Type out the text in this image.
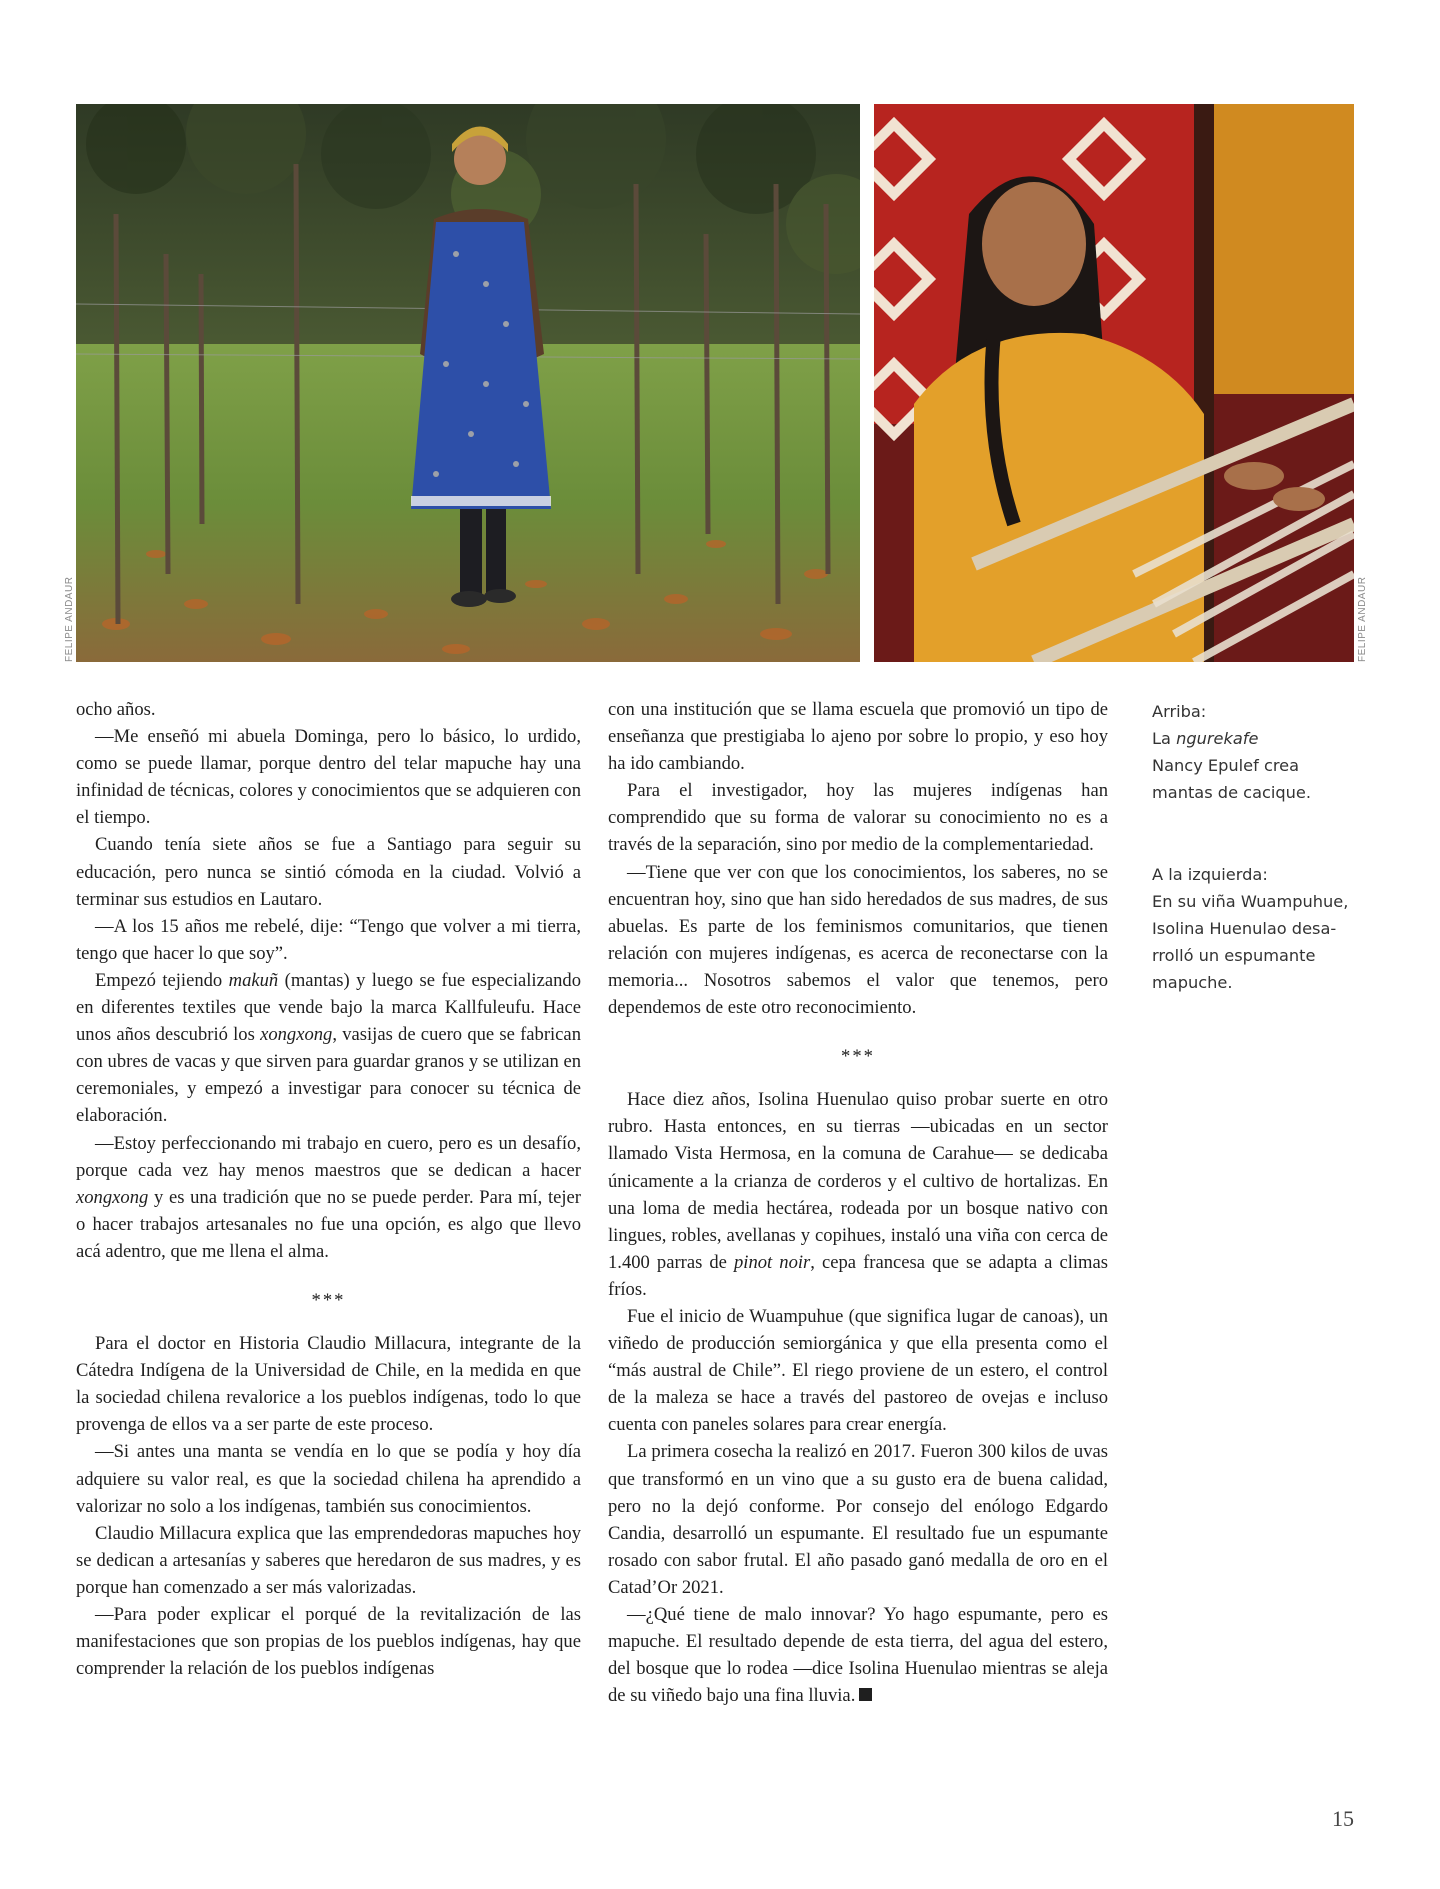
FELIPE ANDAUR	FELIPE ANDAUR

ocho años.

—Me enseñó mi abuela Dominga, pero lo básico, lo urdido, como se puede llamar, porque dentro del telar mapuche hay una infinidad de técnicas, colores y conocimientos que se adquieren con el tiempo.

Cuando tenía siete años se fue a Santiago para seguir su educación, pero nunca se sintió cómoda en la ciudad. Volvió a terminar sus estudios en Lautaro.

—A los 15 años me rebelé, dije: “Tengo que volver a mi tierra, tengo que hacer lo que soy”.

Empezó tejiendo makuñ (mantas) y luego se fue especializando en diferentes textiles que vende bajo la marca Kallfuleufu. Hace unos años descubrió los xongxong, vasijas de cuero que se fabrican con ubres de vacas y que sirven para guardar granos y se utilizan en ceremoniales, y empezó a investigar para conocer su técnica de elaboración.

—Estoy perfeccionando mi trabajo en cuero, pero es un desafío, porque cada vez hay menos maestros que se dedican a hacer xongxong y es una tradición que no se puede perder. Para mí, tejer o hacer trabajos artesanales no fue una opción, es algo que llevo acá adentro, que me llena el alma.

***

Para el doctor en Historia Claudio Millacura, integrante de la Cátedra Indígena de la Universidad de Chile, en la medida en que la sociedad chilena revalorice a los pueblos indígenas, todo lo que provenga de ellos va a ser parte de este proceso.

—Si antes una manta se vendía en lo que se podía y hoy día adquiere su valor real, es que la sociedad chilena ha aprendido a valorizar no solo a los indígenas, también sus conocimientos.

Claudio Millacura explica que las emprendedoras mapuches hoy se dedican a artesanías y saberes que heredaron de sus madres, y es porque han comenzado a ser más valorizadas.

—Para poder explicar el porqué de la revitalización de las manifestaciones que son propias de los pueblos indígenas, hay que comprender la relación de los pueblos indígenas

con una institución que se llama escuela que promovió un tipo de enseñanza que prestigiaba lo ajeno por sobre lo propio, y eso hoy ha ido cambiando.

Para el investigador, hoy las mujeres indígenas han comprendido que su forma de valorar su conocimiento no es a través de la separación, sino por medio de la complementariedad.

—Tiene que ver con que los conocimientos, los saberes, no se encuentran hoy, sino que han sido heredados de sus madres, de sus abuelas. Es parte de los feminismos comunitarios, que tienen relación con mujeres indígenas, es acerca de reconectarse con la memoria... Nosotros sabemos el valor que tenemos, pero dependemos de este otro reconocimiento.

***

Hace diez años, Isolina Huenulao quiso probar suerte en otro rubro. Hasta entonces, en su tierras —ubicadas en un sector llamado Vista Hermosa, en la comuna de Carahue— se dedicaba únicamente a la crianza de corderos y el cultivo de hortalizas. En una loma de media hectárea, rodeada por un bosque nativo con lingues, robles, avellanas y copihues, instaló una viña con cerca de 1.400 parras de pinot noir, cepa francesa que se adapta a climas fríos.

Fue el inicio de Wuampuhue (que significa lugar de canoas), un viñedo de producción semiorgánica y que ella presenta como el “más austral de Chile”. El riego proviene de un estero, el control de la maleza se hace a través del pastoreo de ovejas e incluso cuenta con paneles solares para crear energía.

La primera cosecha la realizó en 2017. Fueron 300 kilos de uvas que transformó en un vino que a su gusto era de buena calidad, pero no la dejó conforme. Por consejo del enólogo Edgardo Candia, desarrolló un espumante. El resultado fue un espumante rosado con sabor frutal. El año pasado ganó medalla de oro en el Catad’Or 2021.

—¿Qué tiene de malo innovar? Yo hago espumante, pero es mapuche. El resultado depende de esta tierra, del agua del estero, del bosque que lo rodea —dice Isolina Huenulao mientras se aleja de su viñedo bajo una fina lluvia.

Arriba:
La ngurekafe
Nancy Epulef crea
mantas de cacique.
A la izquierda:
En su viña Wuampuhue,
Isolina Huenulao desa-
rrolló un espumante
mapuche.
15
